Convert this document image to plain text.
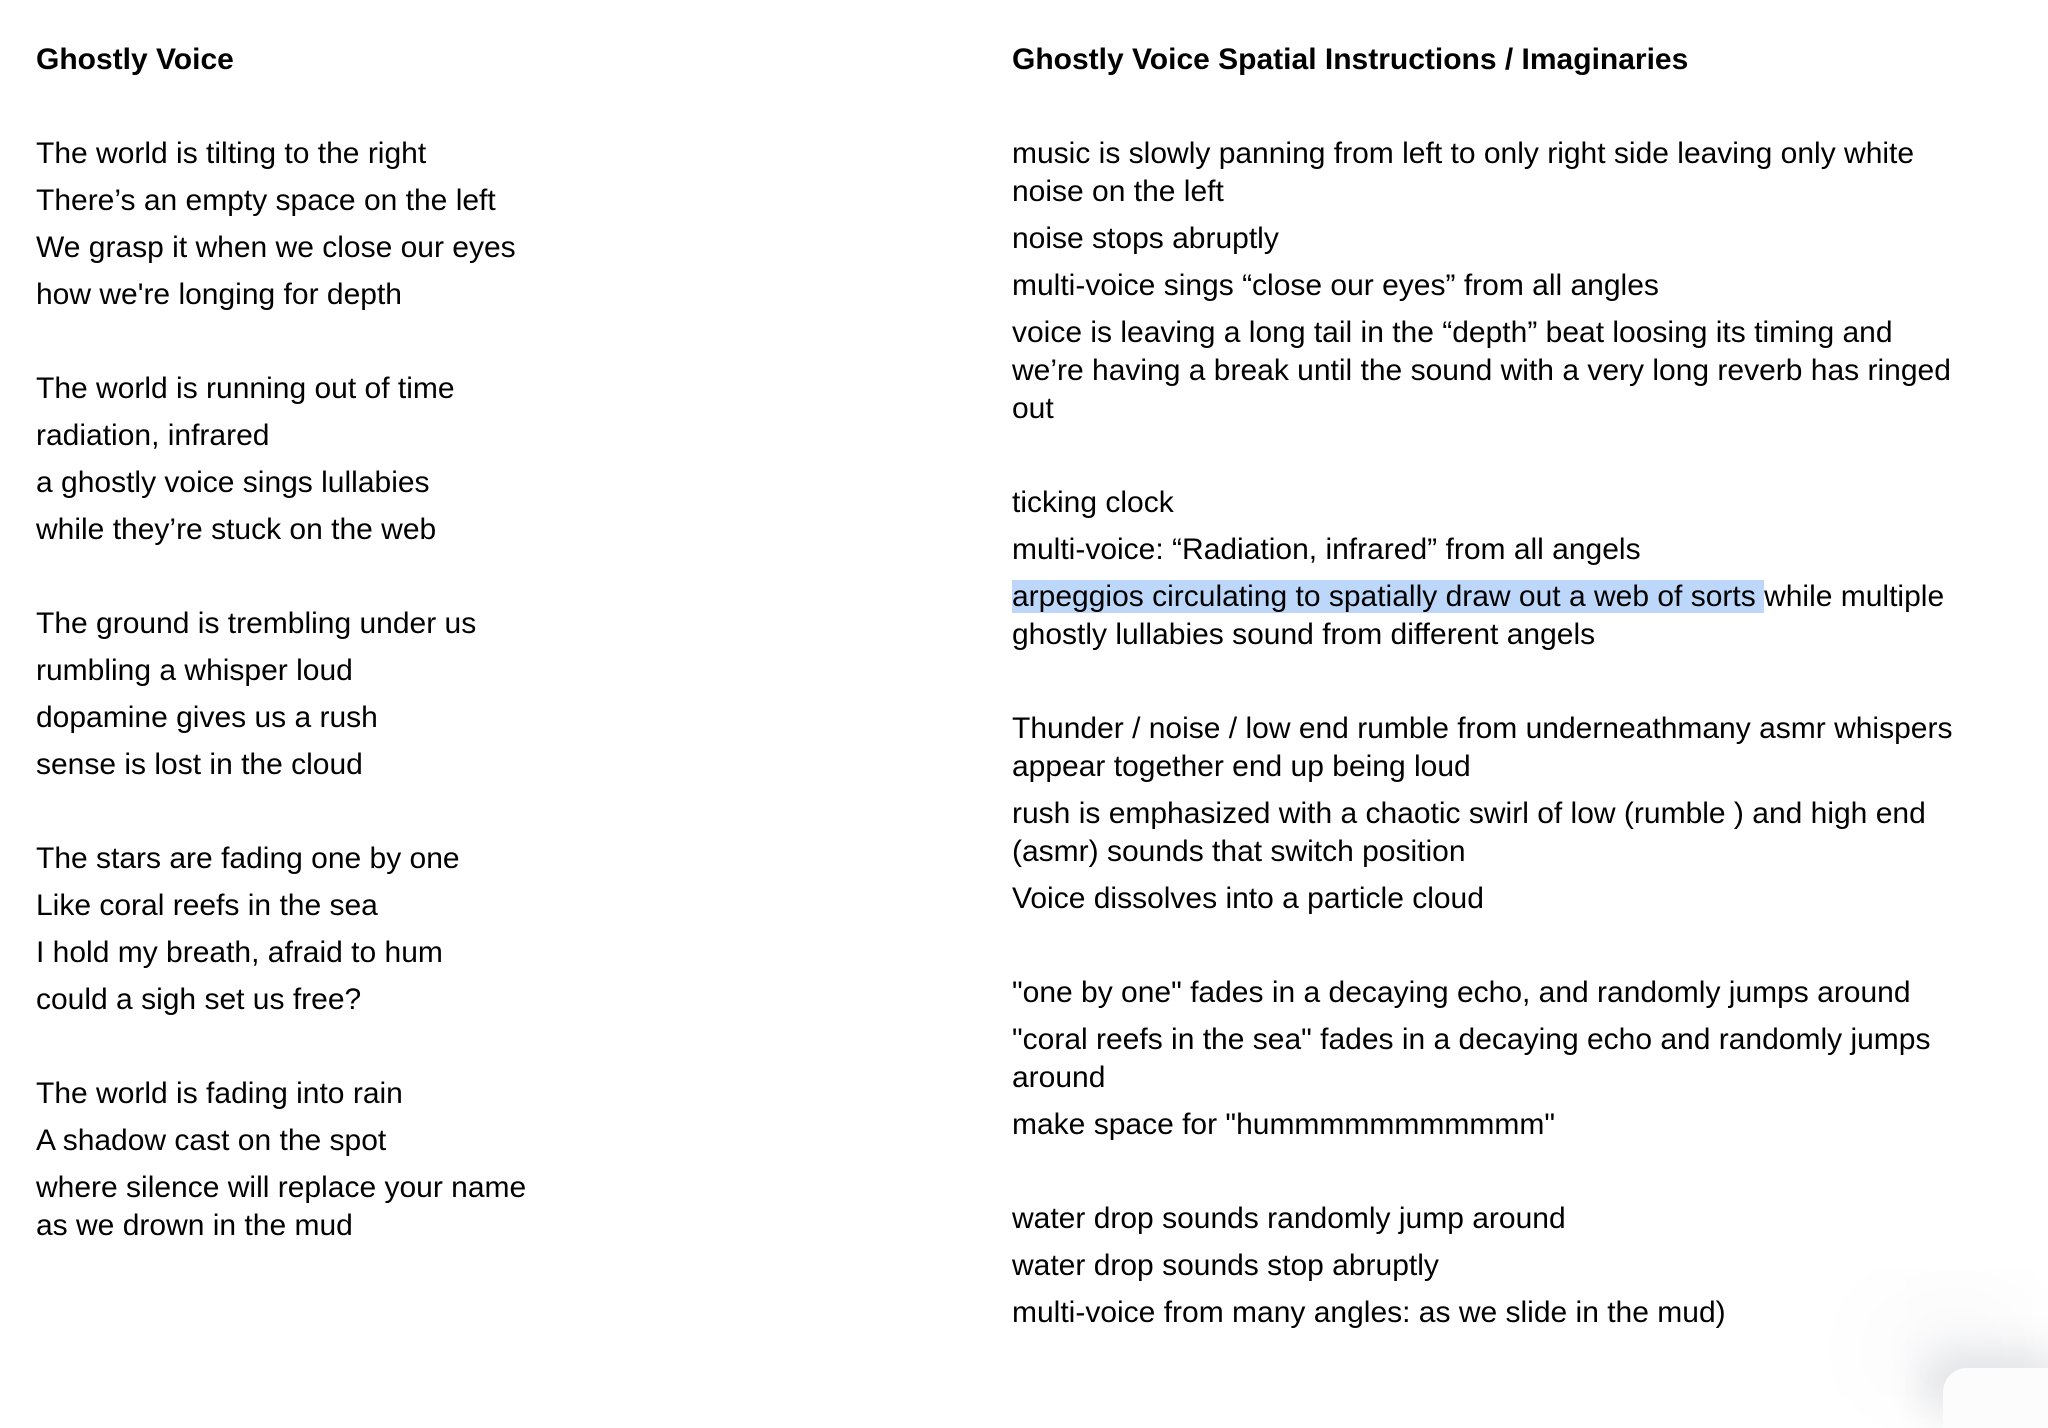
Ghostly Voice
The world is tilting to the right
There’s an empty space on the left
We grasp it when we close our eyes
how we're longing for depth
The world is running out of time
radiation, infrared
a ghostly voice sings lullabies
while they’re stuck on the web
The ground is trembling under us
rumbling a whisper loud
dopamine gives us a rush
sense is lost in the cloud
The stars are fading one by one
Like coral reefs in the sea
I hold my breath, afraid to hum
could a sigh set us free?
The world is fading into rain
A shadow cast on the spot
where silence will replace your name
as we drown in the mud
Ghostly Voice Spatial Instructions / Imaginaries
music is slowly panning from left to only right side leaving only white
noise on the left
noise stops abruptly
multi-voice sings “close our eyes” from all angles
voice is leaving a long tail in the “depth” beat loosing its timing and
we’re having a break until the sound with a very long reverb has ringed
out
ticking clock
multi-voice: “Radiation, infrared” from all angels
arpeggios circulating to spatially draw out a web of sorts while multiple
ghostly lullabies sound from different angels
Thunder / noise / low end rumble from underneathmany asmr whispers
appear together end up being loud
rush is emphasized with a chaotic swirl of low (rumble ) and high end
(asmr) sounds that switch position
Voice dissolves into a particle cloud
"one by one" fades in a decaying echo, and randomly jumps around
"coral reefs in the sea" fades in a decaying echo and randomly jumps
around
make space for "hummmmmmmmmmm"
water drop sounds randomly jump around
water drop sounds stop abruptly
multi-voice from many angles: as we slide in the mud)
